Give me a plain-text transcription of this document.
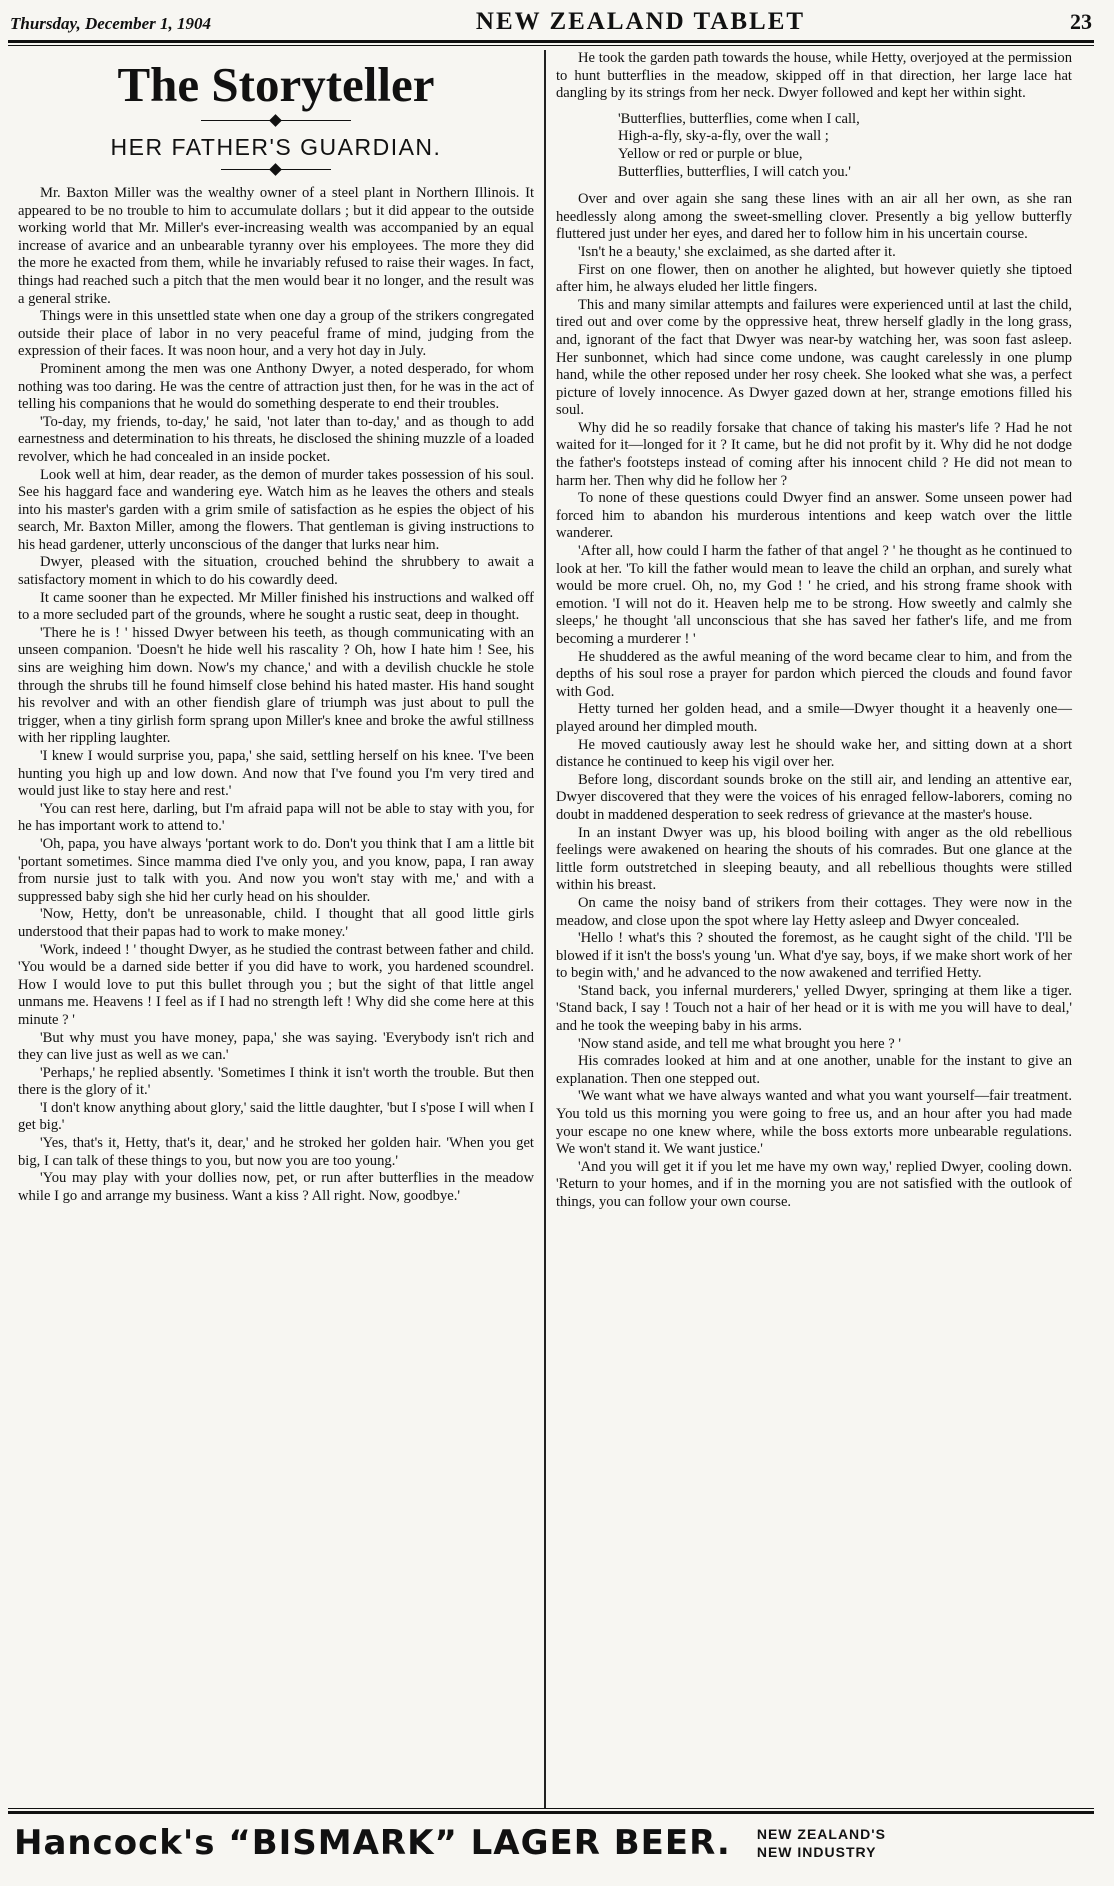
Thursday, December 1, 1904	NEW ZEALAND TABLET	23
The Storyteller
HER FATHER'S GUARDIAN.

Mr. Baxton Miller was the wealthy owner of a steel plant in Northern Illinois. It appeared to be no trouble to him to accumulate dollars ; but it did appear to the outside working world that Mr. Miller's ever-increasing wealth was accompanied by an equal increase of avarice and an unbearable tyranny over his employees. The more they did the more he exacted from them, while he invariably refused to raise their wages. In fact, things had reached such a pitch that the men would bear it no longer, and the result was a general strike.

Things were in this unsettled state when one day a group of the strikers congregated outside their place of labor in no very peaceful frame of mind, judging from the expression of their faces. It was noon hour, and a very hot day in July.

Prominent among the men was one Anthony Dwyer, a noted desperado, for whom nothing was too daring. He was the centre of attraction just then, for he was in the act of telling his companions that he would do something desperate to end their troubles.

'To-day, my friends, to-day,' he said, 'not later than to-day,' and as though to add earnestness and determination to his threats, he disclosed the shining muzzle of a loaded revolver, which he had concealed in an inside pocket.

Look well at him, dear reader, as the demon of murder takes possession of his soul. See his haggard face and wandering eye. Watch him as he leaves the others and steals into his master's garden with a grim smile of satisfaction as he espies the object of his search, Mr. Baxton Miller, among the flowers. That gentleman is giving instructions to his head gardener, utterly unconscious of the danger that lurks near him.

Dwyer, pleased with the situation, crouched behind the shrubbery to await a satisfactory moment in which to do his cowardly deed.

It came sooner than he expected. Mr Miller finished his instructions and walked off to a more secluded part of the grounds, where he sought a rustic seat, deep in thought.

'There he is ! ' hissed Dwyer between his teeth, as though communicating with an unseen companion. 'Doesn't he hide well his rascality ? Oh, how I hate him ! See, his sins are weighing him down. Now's my chance,' and with a devilish chuckle he stole through the shrubs till he found himself close behind his hated master. His hand sought his revolver and with an other fiendish glare of triumph was just about to pull the trigger, when a tiny girlish form sprang upon Miller's knee and broke the awful stillness with her rippling laughter.

'I knew I would surprise you, papa,' she said, settling herself on his knee. 'I've been hunting you high up and low down. And now that I've found you I'm very tired and would just like to stay here and rest.'

'You can rest here, darling, but I'm afraid papa will not be able to stay with you, for he has important work to attend to.'

'Oh, papa, you have always 'portant work to do. Don't you think that I am a little bit 'portant sometimes. Since mamma died I've only you, and you know, papa, I ran away from nursie just to talk with you. And now you won't stay with me,' and with a suppressed baby sigh she hid her curly head on his shoulder.

'Now, Hetty, don't be unreasonable, child. I thought that all good little girls understood that their papas had to work to make money.'

'Work, indeed ! ' thought Dwyer, as he studied the contrast between father and child. 'You would be a darned side better if you did have to work, you hardened scoundrel. How I would love to put this bullet through you ; but the sight of that little angel unmans me. Heavens ! I feel as if I had no strength left ! Why did she come here at this minute ? '

'But why must you have money, papa,' she was saying. 'Everybody isn't rich and they can live just as well as we can.'

'Perhaps,' he replied absently. 'Sometimes I think it isn't worth the trouble. But then there is the glory of it.'

'I don't know anything about glory,' said the little daughter, 'but I s'pose I will when I get big.'

'Yes, that's it, Hetty, that's it, dear,' and he stroked her golden hair. 'When you get big, I can talk of these things to you, but now you are too young.'

'You may play with your dollies now, pet, or run after butterflies in the meadow while I go and arrange my business. Want a kiss ? All right. Now, goodbye.'

He took the garden path towards the house, while Hetty, overjoyed at the permission to hunt butterflies in the meadow, skipped off in that direction, her large lace hat dangling by its strings from her neck. Dwyer followed and kept her within sight.

'Butterflies, butterflies, come when I call,
High-a-fly, sky-a-fly, over the wall ;
Yellow or red or purple or blue,
Butterflies, butterflies, I will catch you.'

Over and over again she sang these lines with an air all her own, as she ran heedlessly along among the sweet-smelling clover. Presently a big yellow butterfly fluttered just under her eyes, and dared her to follow him in his uncertain course.

'Isn't he a beauty,' she exclaimed, as she darted after it.

First on one flower, then on another he alighted, but however quietly she tiptoed after him, he always eluded her little fingers.

This and many similar attempts and failures were experienced until at last the child, tired out and over come by the oppressive heat, threw herself gladly in the long grass, and, ignorant of the fact that Dwyer was near-by watching her, was soon fast asleep. Her sunbonnet, which had since come undone, was caught carelessly in one plump hand, while the other reposed under her rosy cheek. She looked what she was, a perfect picture of lovely innocence. As Dwyer gazed down at her, strange emotions filled his soul.

Why did he so readily forsake that chance of taking his master's life ? Had he not waited for it—longed for it ? It came, but he did not profit by it. Why did he not dodge the father's footsteps instead of coming after his innocent child ? He did not mean to harm her. Then why did he follow her ?

To none of these questions could Dwyer find an answer. Some unseen power had forced him to abandon his murderous intentions and keep watch over the little wanderer.

'After all, how could I harm the father of that angel ? ' he thought as he continued to look at her. 'To kill the father would mean to leave the child an orphan, and surely what would be more cruel. Oh, no, my God ! ' he cried, and his strong frame shook with emotion. 'I will not do it. Heaven help me to be strong. How sweetly and calmly she sleeps,' he thought 'all unconscious that she has saved her father's life, and me from becoming a murderer ! '

He shuddered as the awful meaning of the word became clear to him, and from the depths of his soul rose a prayer for pardon which pierced the clouds and found favor with God.

Hetty turned her golden head, and a smile—Dwyer thought it a heavenly one—played around her dimpled mouth.

He moved cautiously away lest he should wake her, and sitting down at a short distance he continued to keep his vigil over her.

Before long, discordant sounds broke on the still air, and lending an attentive ear, Dwyer discovered that they were the voices of his enraged fellow-laborers, coming no doubt in maddened desperation to seek redress of grievance at the master's house.

In an instant Dwyer was up, his blood boiling with anger as the old rebellious feelings were awakened on hearing the shouts of his comrades. But one glance at the little form outstretched in sleeping beauty, and all rebellious thoughts were stilled within his breast.

On came the noisy band of strikers from their cottages. They were now in the meadow, and close upon the spot where lay Hetty asleep and Dwyer concealed.

'Hello ! what's this ? shouted the foremost, as he caught sight of the child. 'I'll be blowed if it isn't the boss's young 'un. What d'ye say, boys, if we make short work of her to begin with,' and he advanced to the now awakened and terrified Hetty.

'Stand back, you infernal murderers,' yelled Dwyer, springing at them like a tiger. 'Stand back, I say ! Touch not a hair of her head or it is with me you will have to deal,' and he took the weeping baby in his arms.

'Now stand aside, and tell me what brought you here ? '

His comrades looked at him and at one another, unable for the instant to give an explanation. Then one stepped out.

'We want what we have always wanted and what you want yourself—fair treatment. You told us this morning you were going to free us, and an hour after you had made your escape no one knew where, while the boss extorts more unbearable regulations. We won't stand it. We want justice.'

'And you will get it if you let me have my own way,' replied Dwyer, cooling down. 'Return to your homes, and if in the morning you are not satisfied with the outlook of things, you can follow your own course.

Hancock's “BISMARK” LAGER BEER. NEW ZEALAND'S
NEW INDUSTRY
